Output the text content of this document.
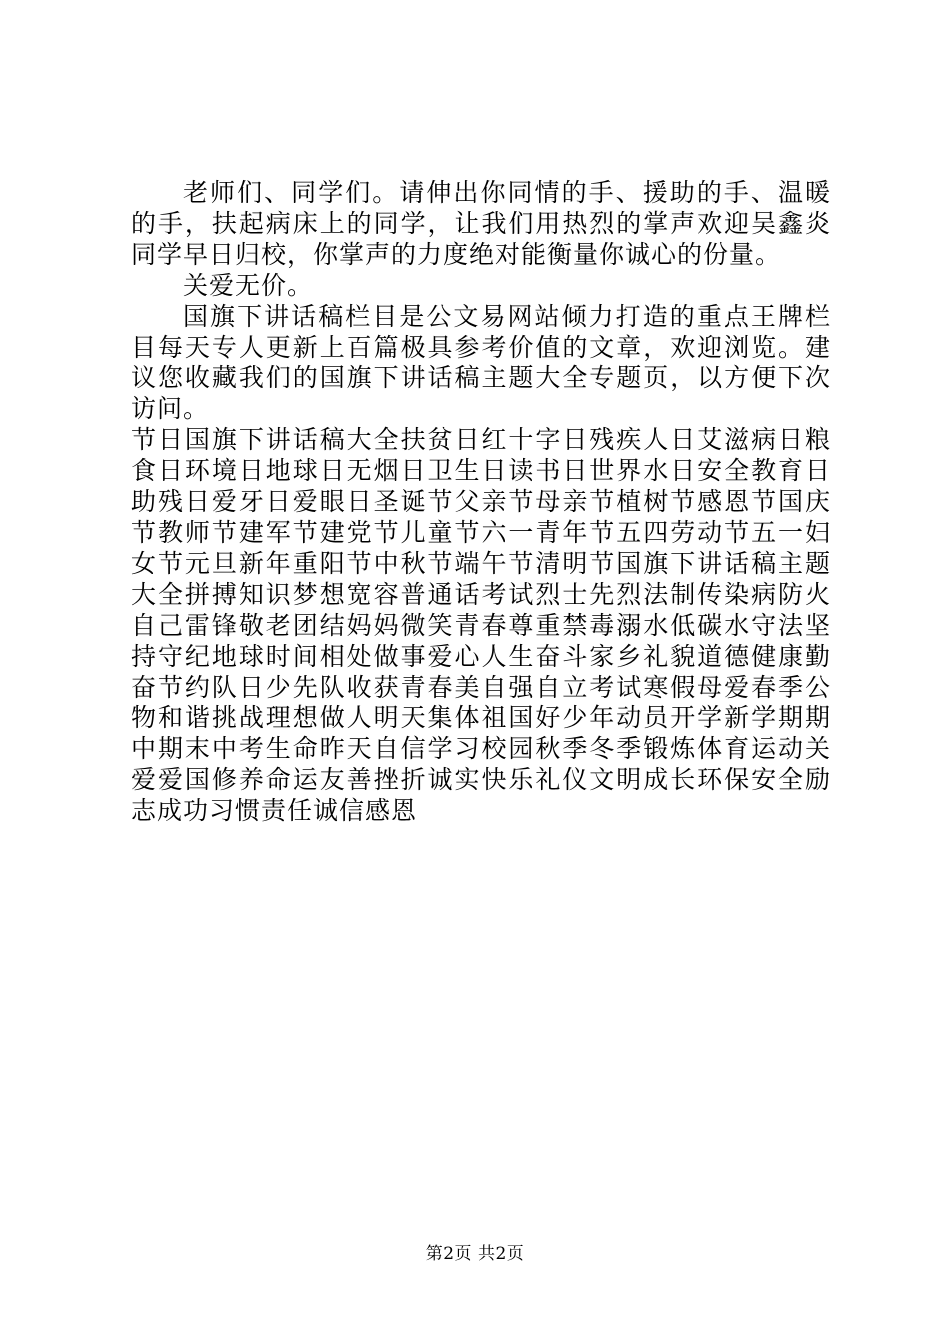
老师们、同学们。请伸出你同情的手、援助的手、温暖的手，扶起病床上的同学，让我们用热烈的掌声欢迎吴鑫炎同学早日归校，你掌声的力度绝对能衡量你诚心的份量。

关爱无价。

国旗下讲话稿栏目是公文易网站倾力打造的重点王牌栏目每天专人更新上百篇极具参考价值的文章，欢迎浏览。建议您收藏我们的国旗下讲话稿主题大全专题页，以方便下次访问。

节日国旗下讲话稿大全扶贫日红十字日残疾人日艾滋病日粮食日环境日地球日无烟日卫生日读书日世界水日安全教育日助残日爱牙日爱眼日圣诞节父亲节母亲节植树节感恩节国庆节教师节建军节建党节儿童节六一青年节五四劳动节五一妇女节元旦新年重阳节中秋节端午节清明节国旗下讲话稿主题大全拼搏知识梦想宽容普通话考试烈士先烈法制传染病防火自己雷锋敬老团结妈妈微笑青春尊重禁毒溺水低碳水守法坚持守纪地球时间相处做事爱心人生奋斗家乡礼貌道德健康勤奋节约队日少先队收获青春美自强自立考试寒假母爱春季公物和谐挑战理想做人明天集体祖国好少年动员开学新学期期中期末中考生命昨天自信学习校园秋季冬季锻炼体育运动关爱爱国修养命运友善挫折诚实快乐礼仪文明成长环保安全励志成功习惯责任诚信感恩

第2页 共2页
